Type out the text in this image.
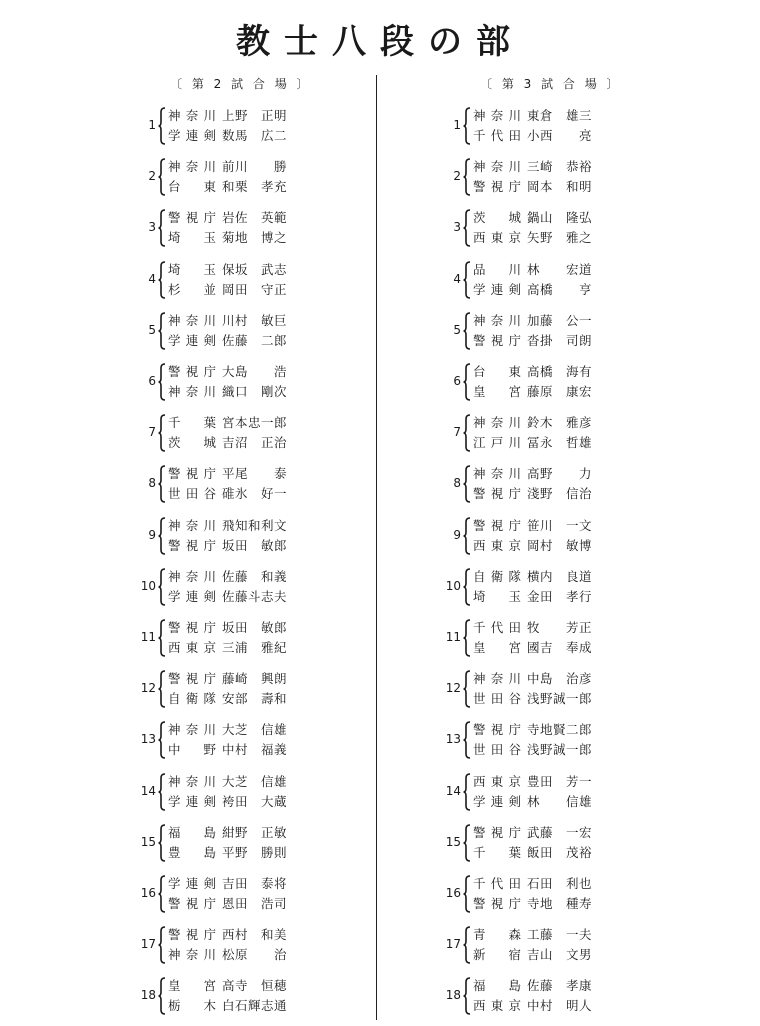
教士八段の部
〔 第 2 試 合 場 〕
1
神奈川 上野　正明
学連剣 数馬　広二
2
神奈川 前川　　勝
台　東 和栗　孝充
3
警視庁 岩佐　英範
埼　玉 菊地　博之
4
埼　玉 保坂　武志
杉　並 岡田　守正
5
神奈川 川村　敏巨
学連剣 佐藤　二郎
6
警視庁 大島　　浩
神奈川 織口　剛次
7
千　葉 宮本忠一郎
茨　城 吉沼　正治
8
警視庁 平尾　　泰
世田谷 碓氷　好一
9
神奈川 飛知和利文
警視庁 坂田　敏郎
10
神奈川 佐藤　和義
学連剣 佐藤斗志夫
11
警視庁 坂田　敏郎
西東京 三浦　雅紀
12
警視庁 藤崎　興朗
自衛隊 安部　壽和
13
神奈川 大芝　信雄
中　野 中村　福義
14
神奈川 大芝　信雄
学連剣 袴田　大蔵
15
福　島 紺野　正敏
豊　島 平野　勝則
16
学連剣 吉田　泰将
警視庁 恩田　浩司
17
警視庁 西村　和美
神奈川 松原　　治
18
皇　宮 高寺　恒穂
栃　木 白石輝志通
〔 第 3 試 合 場 〕
1
神奈川 東倉　雄三
千代田 小西　　亮
2
神奈川 三崎　恭裕
警視庁 岡本　和明
3
茨　城 鍋山　隆弘
西東京 矢野　雅之
4
品　川 林　　宏道
学連剣 高橋　　亨
5
神奈川 加藤　公一
警視庁 沓掛　司朗
6
台　東 高橋　海有
皇　宮 藤原　康宏
7
神奈川 鈴木　雅彦
江戸川 冨永　哲雄
8
神奈川 高野　　力
警視庁 淺野　信治
9
警視庁 笹川　一文
西東京 岡村　敏博
10
自衛隊 横内　良道
埼　玉 金田　孝行
11
千代田 牧　　芳正
皇　宮 國吉　奉成
12
神奈川 中島　治彦
世田谷 浅野誠一郎
13
警視庁 寺地賢二郎
世田谷 浅野誠一郎
14
西東京 豊田　芳一
学連剣 林　　信雄
15
警視庁 武藤　一宏
千　葉 飯田　茂裕
16
千代田 石田　利也
警視庁 寺地　種寿
17
青　森 工藤　一夫
新　宿 吉山　文男
18
福　島 佐藤　孝康
西東京 中村　明人
